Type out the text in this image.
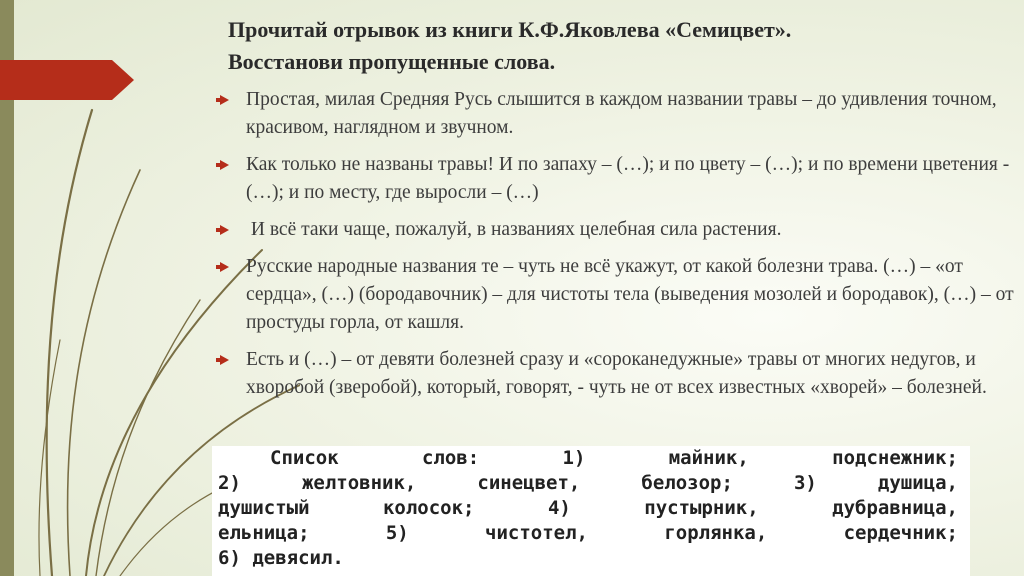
Прочитай отрывок из книги К.Ф.Яковлева «Семицвет».
Восстанови пропущенные слова.
Простая, милая Средняя Русь слышится в каждом названии травы – до удивления точном, красивом, наглядном и звучном.
Как только не названы травы! И по запаху – (…); и по цвету – (…); и по времени цветения - (…); и по месту, где выросли – (…)
И всё таки чаще, пожалуй, в названиях целебная сила растения.
Русские народные названия те – чуть не всё укажут, от какой болезни трава. (…) – «от сердца», (…) (бородавочник) – для чистоты тела (выведения мозолей и бородавок), (…) – от простуды горла, от кашля.
Есть и (…) – от девяти болезней сразу и «сороканедужные» травы от многих недугов, и хворобой (зверобой), который, говорят, - чуть не от всех известных «хворей» – болезней.
Список слов: 1) майник, подснежник;
2) желтовник, синецвет, белозор; 3) душица,
душистый колосок; 4) пустырник, дубравница,
ельница; 5) чистотел, горлянка, сердечник;
6) девясил.
